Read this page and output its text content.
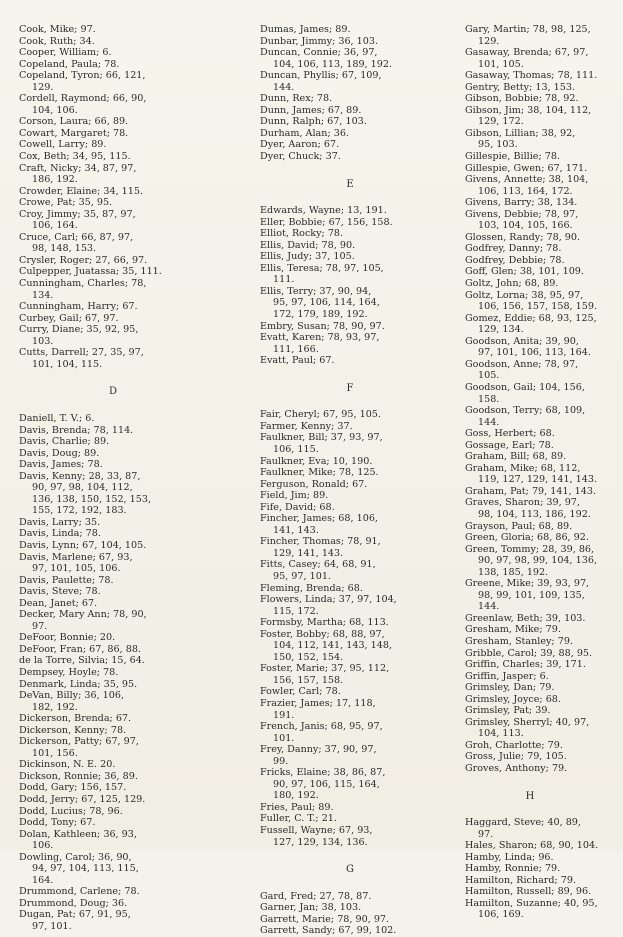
Cook, Mike; 97.
Cook, Ruth; 34.
Cooper, William; 6.
Copeland, Paula; 78.
Copeland, Tyron; 66, 121,
129.
Cordell, Raymond; 66, 90,
104, 106.
Corson, Laura; 66, 89.
Cowart, Margaret; 78.
Cowell, Larry; 89.
Cox, Beth; 34, 95, 115.
Craft, Nicky; 34, 87, 97,
186, 192.
Crowder, Elaine; 34, 115.
Crowe, Pat; 35, 95.
Croy, Jimmy; 35, 87, 97,
106, 164.
Cruce, Carl; 66, 87, 97,
98, 148, 153.
Crysler, Roger; 27, 66, 97.
Culpepper, Juatassa; 35, 111.
Cunningham, Charles; 78,
134.
Cunningham, Harry; 67.
Curbey, Gail; 67, 97.
Curry, Diane; 35, 92, 95,
103.
Cutts, Darrell; 27, 35, 97,
101, 104, 115.
D
Daniell, T. V.; 6.
Davis, Brenda; 78, 114.
Davis, Charlie; 89.
Davis, Doug; 89.
Davis, James; 78.
Davis, Kenny; 28, 33, 87,
90, 97, 98, 104, 112,
136, 138, 150, 152, 153,
155, 172, 192, 183.
Davis, Larry; 35.
Davis, Linda; 78.
Davis, Lynn; 67, 104, 105.
Davis, Marlene; 67, 93,
97, 101, 105, 106.
Davis, Paulette; 78.
Davis, Steve; 78.
Dean, Janet; 67.
Decker, Mary Ann; 78, 90,
97.
DeFoor, Bonnie; 20.
DeFoor, Fran; 67, 86, 88.
de la Torre, Silvia; 15, 64.
Dempsey, Hoyle; 78.
Denmark, Linda; 35, 95.
DeVan, Billy; 36, 106,
182, 192.
Dickerson, Brenda; 67.
Dickerson, Kenny; 78.
Dickerson, Patty; 67, 97,
101, 156.
Dickinson, N. E. 20.
Dickson, Ronnie; 36, 89.
Dodd, Gary; 156, 157.
Dodd, Jerry; 67, 125, 129.
Dodd, Lucius; 78, 96.
Dodd, Tony; 67.
Dolan, Kathleen; 36, 93,
106.
Dowling, Carol; 36, 90,
94, 97, 104, 113, 115,
164.
Drummond, Carlene; 78.
Drummond, Doug; 36.
Dugan, Pat; 67, 91, 95,
97, 101.
Dumas, James; 89.
Dunbar, Jimmy; 36, 103.
Duncan, Connie; 36, 97,
104, 106, 113, 189, 192.
Duncan, Phyllis; 67, 109,
144.
Dunn, Rex; 78.
Dunn, James; 67, 89.
Dunn, Ralph; 67, 103.
Durham, Alan; 36.
Dyer, Aaron; 67.
Dyer, Chuck; 37.
E
Edwards, Wayne; 13, 191.
Eller, Bobbie; 67, 156, 158.
Elliot, Rocky; 78.
Ellis, David; 78, 90.
Ellis, Judy; 37, 105.
Ellis, Teresa; 78, 97, 105,
111.
Ellis, Terry; 37, 90, 94,
95, 97, 106, 114, 164,
172, 179, 189, 192.
Embry, Susan; 78, 90, 97.
Evatt, Karen; 78, 93, 97,
111, 166.
Evatt, Paul; 67.
F
Fair, Cheryl; 67, 95, 105.
Farmer, Kenny; 37.
Faulkner, Bill; 37, 93, 97,
106, 115.
Faulkner, Eva; 10, 190.
Faulkner, Mike; 78, 125.
Ferguson, Ronald; 67.
Field, Jim; 89.
Fife, David; 68.
Fincher, James; 68, 106,
141, 143.
Fincher, Thomas; 78, 91,
129, 141, 143.
Fitts, Casey; 64, 68, 91,
95, 97, 101.
Fleming, Brenda; 68.
Flowers, Linda; 37, 97, 104,
115, 172.
Formsby, Martha; 68, 113.
Foster, Bobby; 68, 88, 97,
104, 112, 141, 143, 148,
150, 152, 154.
Foster, Marie; 37, 95, 112,
156, 157, 158.
Fowler, Carl; 78.
Frazier, James; 17, 118,
191.
French, Janis; 68, 95, 97,
101.
Frey, Danny; 37, 90, 97,
99.
Fricks, Elaine; 38, 86, 87,
90, 97, 106, 115, 164,
180, 192.
Fries, Paul; 89.
Fuller, C. T.; 21.
Fussell, Wayne; 67, 93,
127, 129, 134, 136.
G
Gard, Fred; 27, 78, 87.
Garner, Jan; 38, 103.
Garrett, Marie; 78, 90, 97.
Garrett, Sandy; 67, 99, 102.
Gary, Martin; 78, 98, 125,
129.
Gasaway, Brenda; 67, 97,
101, 105.
Gasaway, Thomas; 78, 111.
Gentry, Betty; 13, 153.
Gibson, Bobbie; 78, 92.
Gibson, Jim; 38, 104, 112,
129, 172.
Gibson, Lillian; 38, 92,
95, 103.
Gillespie, Billie; 78.
Gillespie, Gwen; 67, 171.
Givens, Annette; 38, 104,
106, 113, 164, 172.
Givens, Barry; 38, 134.
Givens, Debbie; 78, 97,
103, 104, 105, 166.
Glossen, Randy; 78, 90.
Godfrey, Danny; 78.
Godfrey, Debbie; 78.
Goff, Glen; 38, 101, 109.
Goltz, John; 68, 89.
Goltz, Lorna; 38, 95, 97,
106, 156, 157, 158, 159.
Gomez, Eddie; 68, 93, 125,
129, 134.
Goodson, Anita; 39, 90,
97, 101, 106, 113, 164.
Goodson, Anne; 78, 97,
105.
Goodson, Gail; 104, 156,
158.
Goodson, Terry; 68, 109,
144.
Goss, Herbert; 68.
Gossage, Earl; 78.
Graham, Bill; 68, 89.
Graham, Mike; 68, 112,
119, 127, 129, 141, 143.
Graham, Pat; 79, 141, 143.
Graves, Sharon; 39, 97,
98, 104, 113, 186, 192.
Grayson, Paul; 68, 89.
Green, Gloria; 68, 86, 92.
Green, Tommy; 28, 39, 86,
90, 97, 98, 99, 104, 136,
138, 185, 192.
Greene, Mike; 39, 93, 97,
98, 99, 101, 109, 135,
144.
Greenlaw, Beth; 39, 103.
Gresham, Mike; 79.
Gresham, Stanley; 79.
Gribble, Carol; 39, 88, 95.
Griffin, Charles; 39, 171.
Griffin, Jasper; 6.
Grimsley, Dan; 79.
Grimsley, Joyce; 68.
Grimsley, Pat; 39.
Grimsley, Sherryl; 40, 97,
104, 113.
Groh, Charlotte; 79.
Gross, Julie; 79, 105.
Groves, Anthony; 79.
H
Haggard, Steve; 40, 89,
97.
Hales, Sharon; 68, 90, 104.
Hamby, Linda; 96.
Hamby, Ronnie; 79.
Hamilton, Richard; 79.
Hamilton, Russell; 89, 96.
Hamilton, Suzanne; 40, 95,
106, 169.
